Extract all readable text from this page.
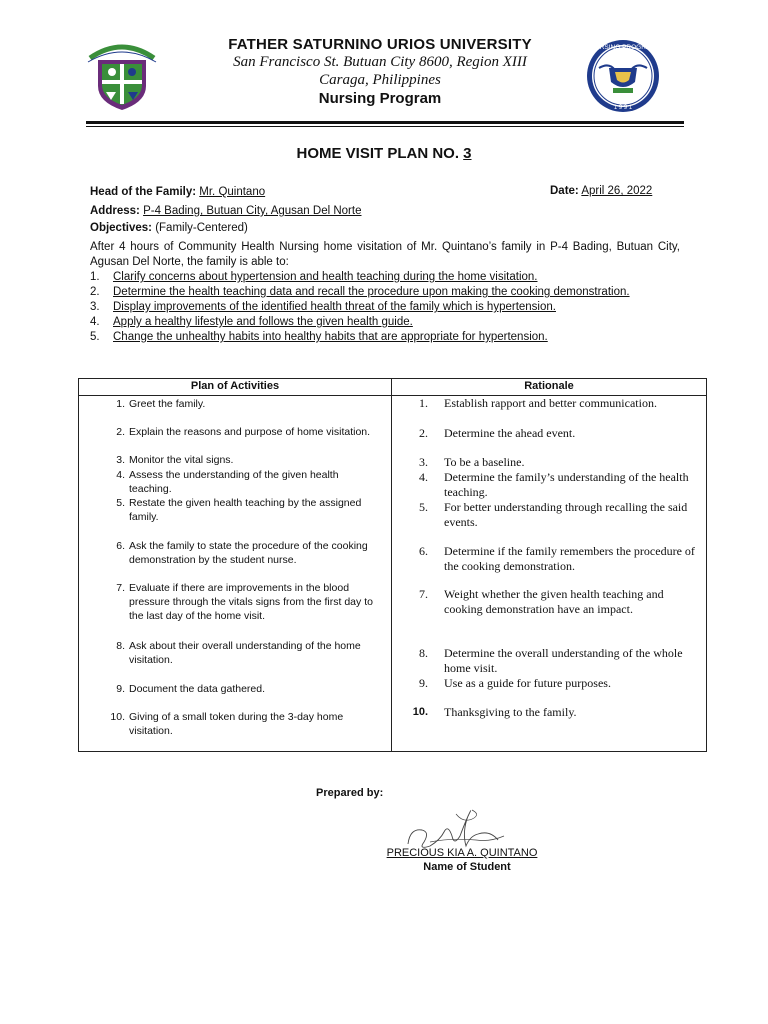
FATHER SATURNINO URIOS UNIVERSITY
San Francisco St. Butuan City 8600, Region XIII
Caraga, Philippines
Nursing Program
NURSING PROGRAM
1 9 9 1
HOME VISIT PLAN NO. 3
Head of the Family: Mr. Quintano	Date: April 26, 2022
Address: P-4 Bading, Butuan City, Agusan Del Norte
Objectives: (Family-Centered)
After 4 hours of Community Health Nursing home visitation of Mr. Quintano’s family in P-4 Bading, Butuan City, Agusan Del Norte, the family is able to:
1. Clarify concerns about hypertension and health teaching during the home visitation.
2. Determine the health teaching data and recall the procedure upon making the cooking demonstration.
3. Display improvements of the identified health threat of the family which is hypertension.
4. Apply a healthy lifestyle and follows the given health guide.
5. Change the unhealthy habits into healthy habits that are appropriate for hypertension.
Plan of Activities	Rationale
1. Greet the family.
2. Explain the reasons and purpose of home visitation.
3. Monitor the vital signs.
4. Assess the understanding of the given health teaching.
5. Restate the given health teaching by the assigned family.
6. Ask the family to state the procedure of the cooking demonstration by the student nurse.
7. Evaluate if there are improvements in the blood pressure through the vitals signs from the first day to the last day of the home visit.
8. Ask about their overall understanding of the home visitation.
9. Document the data gathered.
10. Giving of a small token during the 3-day home visitation.
1. Establish rapport and better communication.
2. Determine the ahead event.
3. To be a baseline.
4. Determine the family’s understanding of the health teaching.
5. For better understanding through recalling the said events.
6. Determine if the family remembers the procedure of the cooking demonstration.
7. Weight whether the given health teaching and cooking demonstration have an impact.
8. Determine the overall understanding of the whole home visit.
9. Use as a guide for future purposes.
10. Thanksgiving to the family.
Prepared by:
PRECIOUS KIA A. QUINTANO
Name of Student
